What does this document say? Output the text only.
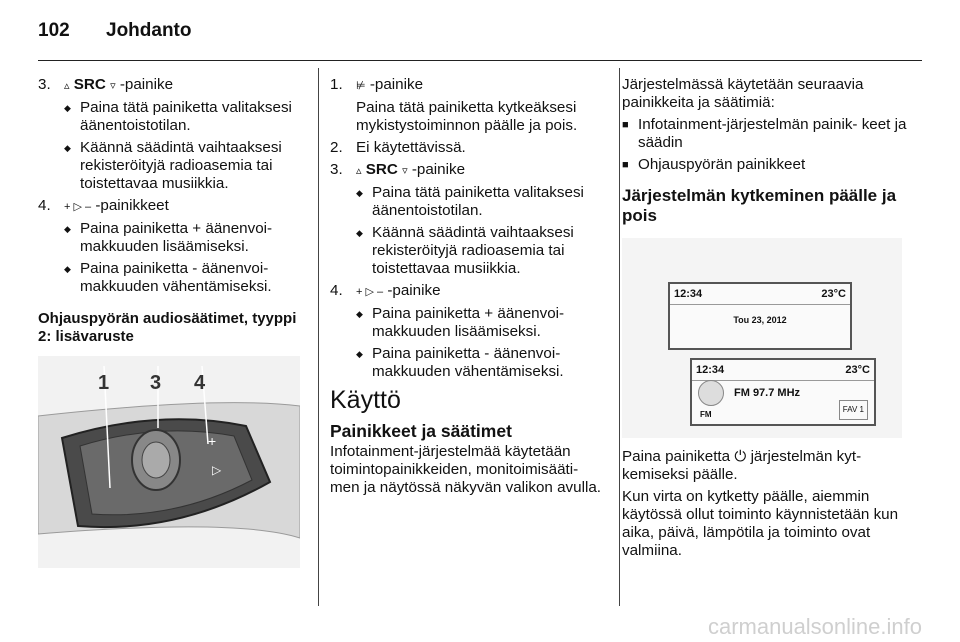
102 Johdanto
3. ▵ SRC ▿ -painike
◆ Paina tätä painiketta valitaksesi äänentoistotilan.
◆ Käännä säädintä vaihtaaksesi rekisteröityjä radioasemia tai toistettavaa musiikkia.
4. + ▷ – -painikkeet
◆ Paina painiketta + äänenvoi- makkuuden lisäämiseksi.
◆ Paina painiketta - äänenvoi- makkuuden vähentämiseksi.
Ohjauspyörän audiosäätimet, tyyppi 2: lisävaruste
+
▷
1 3 4
1. ⊭ -painike
Paina tätä painiketta kytkeäksesi mykistystoiminnon päälle ja pois.
2. Ei käytettävissä.
3. ▵ SRC ▿ -painike
◆ Paina tätä painiketta valitaksesi äänentoistotilan.
◆ Käännä säädintä vaihtaaksesi rekisteröityjä radioasemia tai toistettavaa musiikkia.
4. + ▷ – -painike
◆ Paina painiketta + äänenvoi- makkuuden lisäämiseksi.
◆ Paina painiketta - äänenvoi- makkuuden vähentämiseksi.
Käyttö
Painikkeet ja säätimet
Infotainment-järjestelmää käytetään toimintopainikkeiden, monitoimisääti- men ja näytössä näkyvän valikon avulla.
Järjestelmässä käytetään seuraavia painikkeita ja säätimiä:
■ Infotainment-järjestelmän painik- keet ja säädin
■ Ohjauspyörän painikkeet
Järjestelmän kytkeminen päälle ja pois
12:34	23°C
Tou 23, 2012
12:34	23°C
FM
FM 97.7 MHz
FAV 1
Paina painiketta ⏻ järjestelmän kyt- kemiseksi päälle.
Kun virta on kytketty päälle, aiemmin käytössä ollut toiminto käynnistetään kun aika, päivä, lämpötila ja toiminto ovat valmiina.
carmanualsonline.info
